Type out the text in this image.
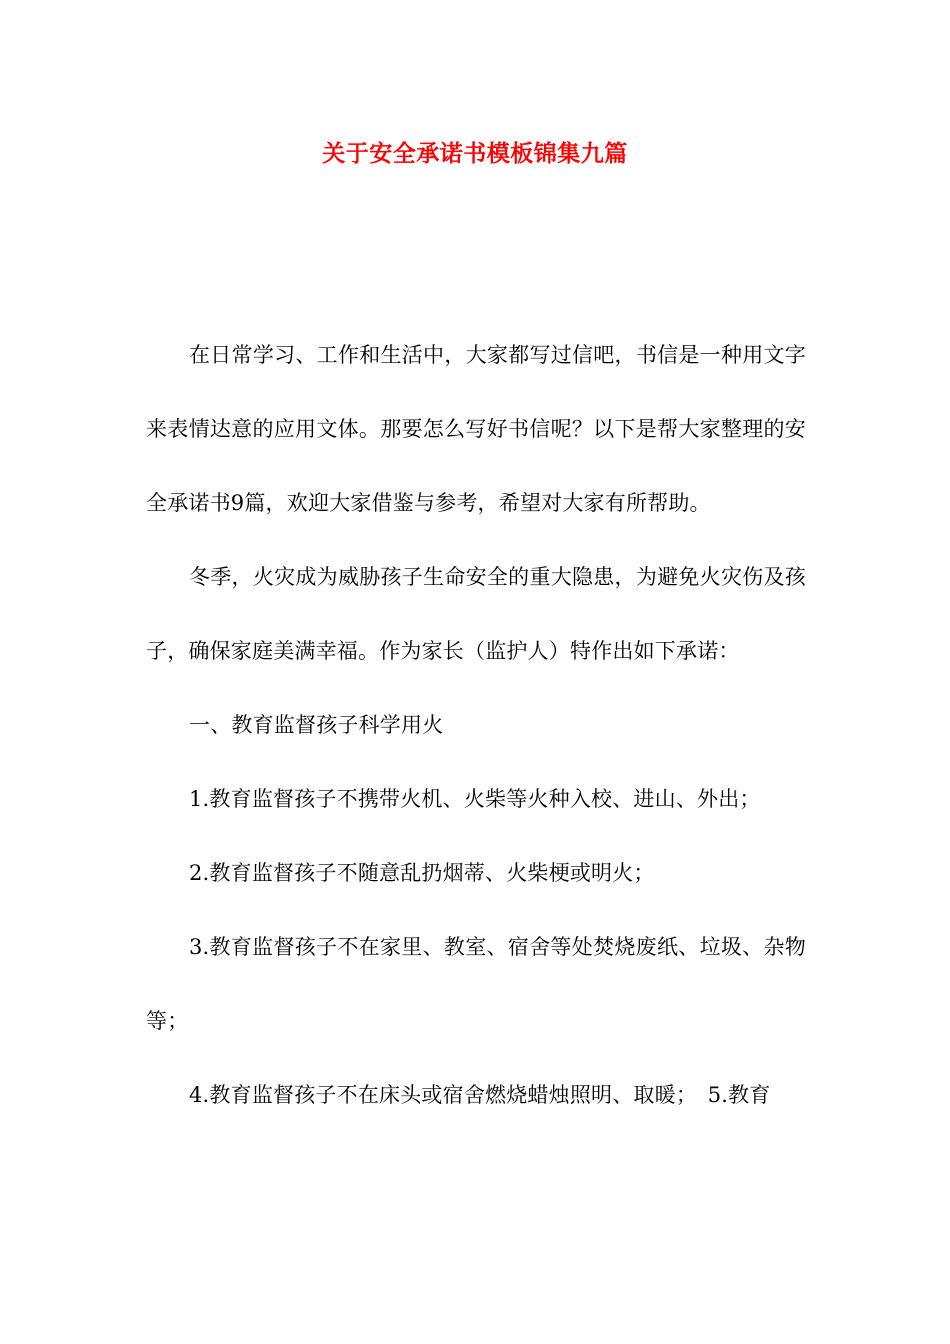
关于安全承诺书模板锦集九篇

在日常学习、工作和生活中，大家都写过信吧，书信是一种用文字来表情达意的应用文体。那要怎么写好书信呢？以下是帮大家整理的安全承诺书9篇，欢迎大家借鉴与参考，希望对大家有所帮助。

冬季，火灾成为威胁孩子生命安全的重大隐患，为避免火灾伤及孩子，确保家庭美满幸福。作为家长（监护人）特作出如下承诺：

一、教育监督孩子科学用火

1.教育监督孩子不携带火机、火柴等火种入校、进山、外出；

2.教育监督孩子不随意乱扔烟蒂、火柴梗或明火；

3.教育监督孩子不在家里、教室、宿舍等处焚烧废纸、垃圾、杂物等；

4.教育监督孩子不在床头或宿舍燃烧蜡烛照明、取暖；　5.教育
